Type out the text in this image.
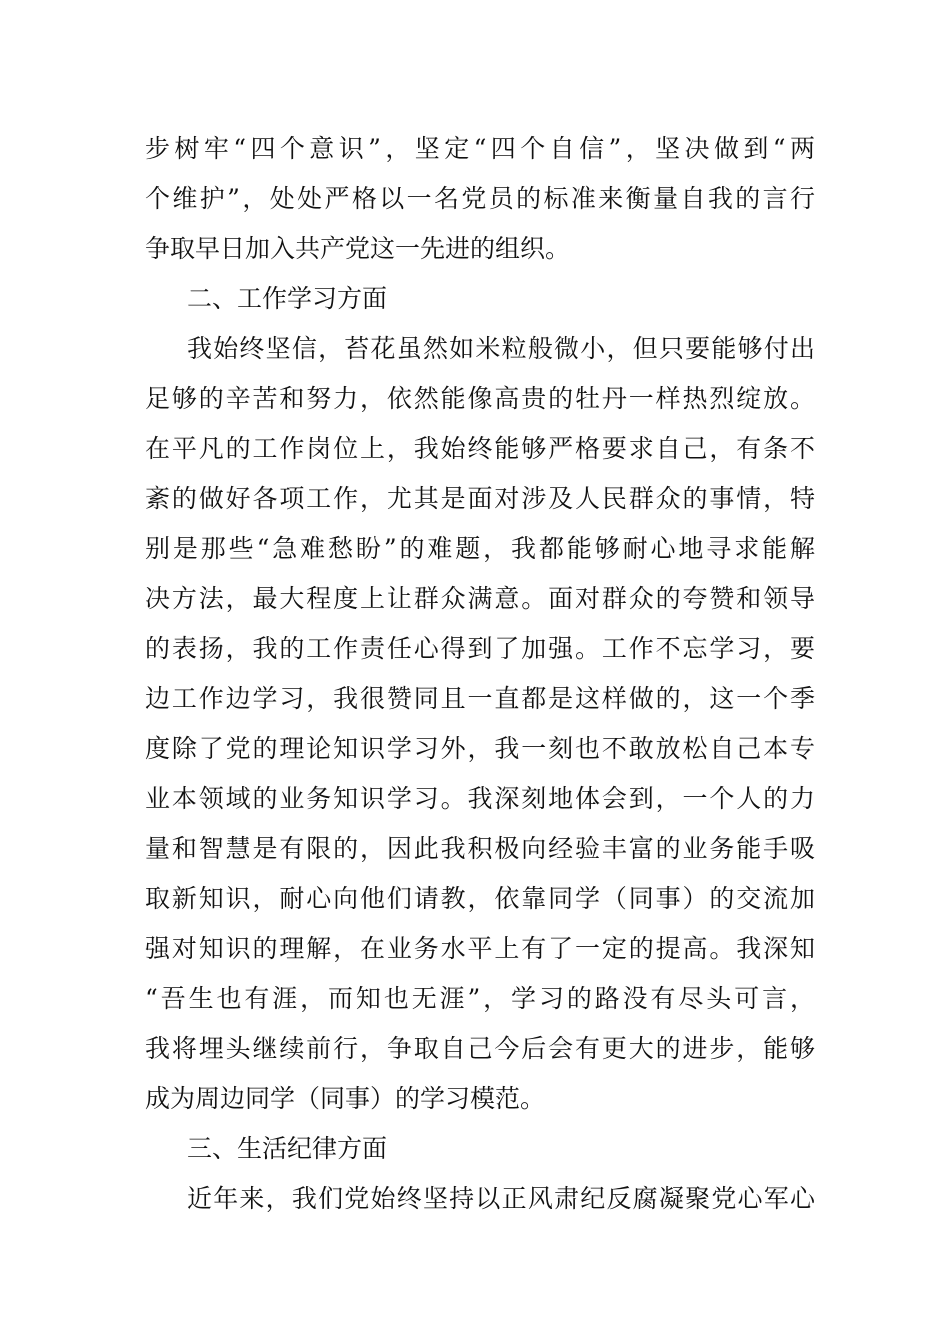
步树牢“四个意识”，坚定“四个自信”，坚决做到“两
个维护”，处处严格以一名党员的标准来衡量自我的言行
争取早日加入共产党这一先进的组织。
二、工作学习方面
我始终坚信，苔花虽然如米粒般微小，但只要能够付出
足够的辛苦和努力，依然能像高贵的牡丹一样热烈绽放。
在平凡的工作岗位上，我始终能够严格要求自己，有条不
紊的做好各项工作，尤其是面对涉及人民群众的事情，特
别是那些“急难愁盼”的难题，我都能够耐心地寻求能解
决方法，最大程度上让群众满意。面对群众的夸赞和领导
的表扬，我的工作责任心得到了加强。工作不忘学习，要
边工作边学习，我很赞同且一直都是这样做的，这一个季
度除了党的理论知识学习外，我一刻也不敢放松自己本专
业本领域的业务知识学习。我深刻地体会到，一个人的力
量和智慧是有限的，因此我积极向经验丰富的业务能手吸
取新知识，耐心向他们请教，依靠同学（同事）的交流加
强对知识的理解，在业务水平上有了一定的提高。我深知
“吾生也有涯，而知也无涯”，学习的路没有尽头可言，
我将埋头继续前行，争取自己今后会有更大的进步，能够
成为周边同学（同事）的学习模范。
三、生活纪律方面
近年来，我们党始终坚持以正风肃纪反腐凝聚党心军心
